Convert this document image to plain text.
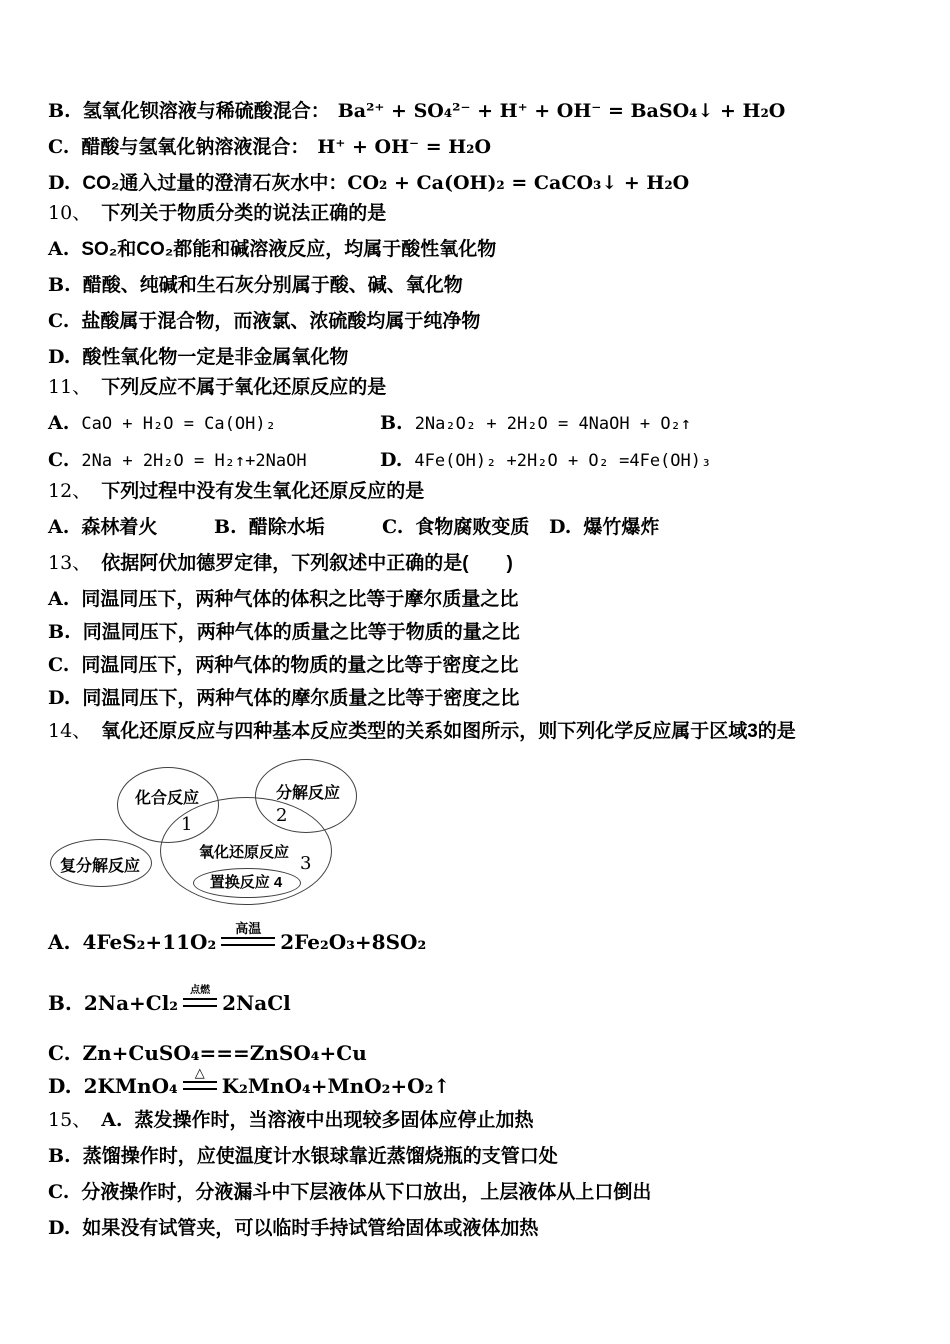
B. 氢氧化钡溶液与稀硫酸混合： Ba²⁺ + SO₄²⁻ + H⁺ + OH⁻ = BaSO₄↓ + H₂O

C. 醋酸与氢氧化钠溶液混合： H⁺ + OH⁻ = H₂O

D. CO₂通入过量的澄清石灰水中：CO₂ + Ca(OH)₂ = CaCO₃↓ + H₂O

10、 下列关于物质分类的说法正确的是

A. SO₂和CO₂都能和碱溶液反应，均属于酸性氧化物

B. 醋酸、纯碱和生石灰分别属于酸、碱、氧化物

C. 盐酸属于混合物，而液氯、浓硫酸均属于纯净物

D. 酸性氧化物一定是非金属氧化物

11、 下列反应不属于氧化还原反应的是

A. CaO + H₂O = Ca(OH)₂	B. 2Na₂O₂ + 2H₂O = 4NaOH + O₂↑
C. 2Na + 2H₂O = H₂↑+2NaOH	D. 4Fe(OH)₂ +2H₂O + O₂ =4Fe(OH)₃

12、 下列过程中没有发生氧化还原反应的是

A. 森林着火	B. 醋除水垢	C. 食物腐败变质 D. 爆竹爆炸

13、 依据阿伏加德罗定律，下列叙述中正确的是(　　)

A. 同温同压下，两种气体的体积之比等于摩尔质量之比

B. 同温同压下，两种气体的质量之比等于物质的量之比

C. 同温同压下，两种气体的物质的量之比等于密度之比

D. 同温同压下，两种气体的摩尔质量之比等于密度之比

14、 氧化还原反应与四种基本反应类型的关系如图所示，则下列化学反应属于区域3的是

化合反应	分解反应
氧化还原反应
复分解反应
置换反应 4
1	2
3

A. 4FeS₂+11O₂
高温
2Fe₂O₃+8SO₂

B. 2Na+Cl₂
点燃
2NaCl

C. Zn+CuSO₄===ZnSO₄+Cu

D. 2KMnO₄
△
K₂MnO₄+MnO₂+O₂↑

15、 A. 蒸发操作时，当溶液中出现较多固体应停止加热

B. 蒸馏操作时，应使温度计水银球靠近蒸馏烧瓶的支管口处

C. 分液操作时，分液漏斗中下层液体从下口放出，上层液体从上口倒出

D. 如果没有试管夹，可以临时手持试管给固体或液体加热
